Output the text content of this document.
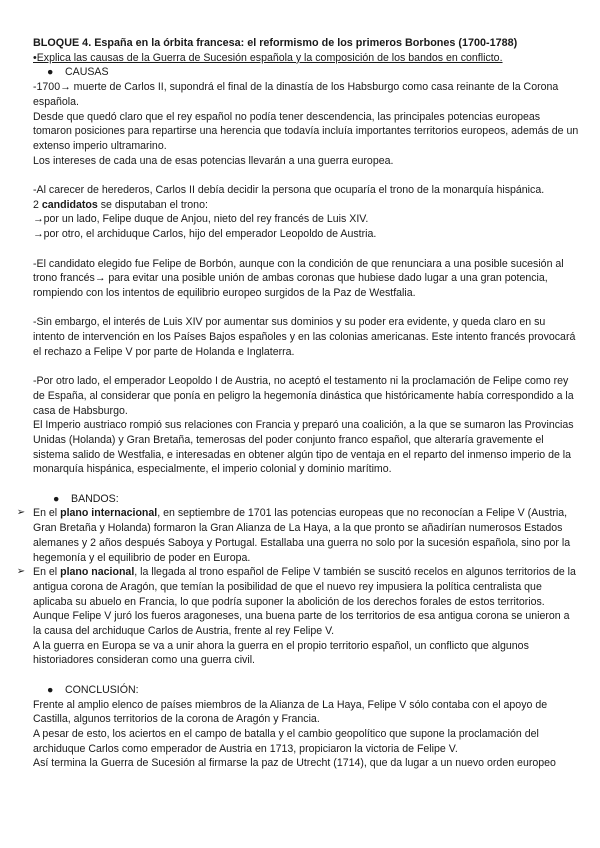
BLOQUE 4. España en la órbita francesa: el reformismo de los primeros Borbones (1700-1788)
•Explica las causas de la Guerra de Sucesión española y la composición de los bandos en conflicto.
● CAUSAS

-1700→ muerte de Carlos II, supondrá el final de la dinastía de los Habsburgo como casa reinante de la Corona española.

Desde que quedó claro que el rey español no podía tener descendencia, las principales potencias europeas tomaron posiciones para repartirse una herencia que todavía incluía importantes territorios europeos, además de un extenso imperio ultramarino.

Los intereses de cada una de esas potencias llevarán a una guerra europea.

-Al carecer de herederos, Carlos II debía decidir la persona que ocuparía el trono de la monarquía hispánica.

2 candidatos se disputaban el trono:

→por un lado, Felipe duque de Anjou, nieto del rey francés de Luis XIV.

→por otro, el archiduque Carlos, hijo del emperador Leopoldo de Austria.

-El candidato elegido fue Felipe de Borbón, aunque con la condición de que renunciara a una posible sucesión al trono francés→ para evitar una posible unión de ambas coronas que hubiese dado lugar a una gran potencia, rompiendo con los intentos de equilibrio europeo surgidos de la Paz de Westfalia.

-Sin embargo, el interés de Luis XIV por aumentar sus dominios y su poder era evidente, y queda claro en su intento de intervención en los Países Bajos españoles y en las colonias americanas. Este intento francés provocará el rechazo a Felipe V por parte de Holanda e Inglaterra.

-Por otro lado, el emperador Leopoldo I de Austria, no aceptó el testamento ni la proclamación de Felipe como rey de España, al considerar que ponía en peligro la hegemonía dinástica que históricamente había correspondido a la casa de Habsburgo.

El Imperio austriaco rompió sus relaciones con Francia y preparó una coalición, a la que se sumaron las Provincias Unidas (Holanda) y Gran Bretaña, temerosas del poder conjunto franco español, que alteraría gravemente el sistema salido de Westfalia, e interesadas en obtener algún tipo de ventaja en el reparto del inmenso imperio de la monarquía hispánica, especialmente, el imperio colonial y dominio marítimo.

● BANDOS:

➢ En el plano internacional, en septiembre de 1701 las potencias europeas que no reconocían a Felipe V (Austria, Gran Bretaña y Holanda) formaron la Gran Alianza de La Haya, a la que pronto se añadirían numerosos Estados alemanes y 2 años después Saboya y Portugal. Estallaba una guerra no solo por la sucesión española, sino por la hegemonía y el equilibrio de poder en Europa.

➢ En el plano nacional, la llegada al trono español de Felipe V también se suscitó recelos en algunos territorios de la antigua corona de Aragón, que temían la posibilidad de que el nuevo rey impusiera la política centralista que aplicaba su abuelo en Francia, lo que podría suponer la abolición de los derechos forales de estos territorios.

Aunque Felipe V juró los fueros aragoneses, una buena parte de los territorios de esa antigua corona se unieron a la causa del archiduque Carlos de Austria, frente al rey Felipe V.

A la guerra en Europa se va a unir ahora la guerra en el propio territorio español, un conflicto que algunos historiadores consideran como una guerra civil.

● CONCLUSIÓN:

Frente al amplio elenco de países miembros de la Alianza de La Haya, Felipe V sólo contaba con el apoyo de Castilla, algunos territorios de la corona de Aragón y Francia.

A pesar de esto, los aciertos en el campo de batalla y el cambio geopolítico que supone la proclamación del archiduque Carlos como emperador de Austria en 1713, propiciaron la victoria de Felipe V.

Así termina la Guerra de Sucesión al firmarse la paz de Utrecht (1714), que da lugar a un nuevo orden europeo
